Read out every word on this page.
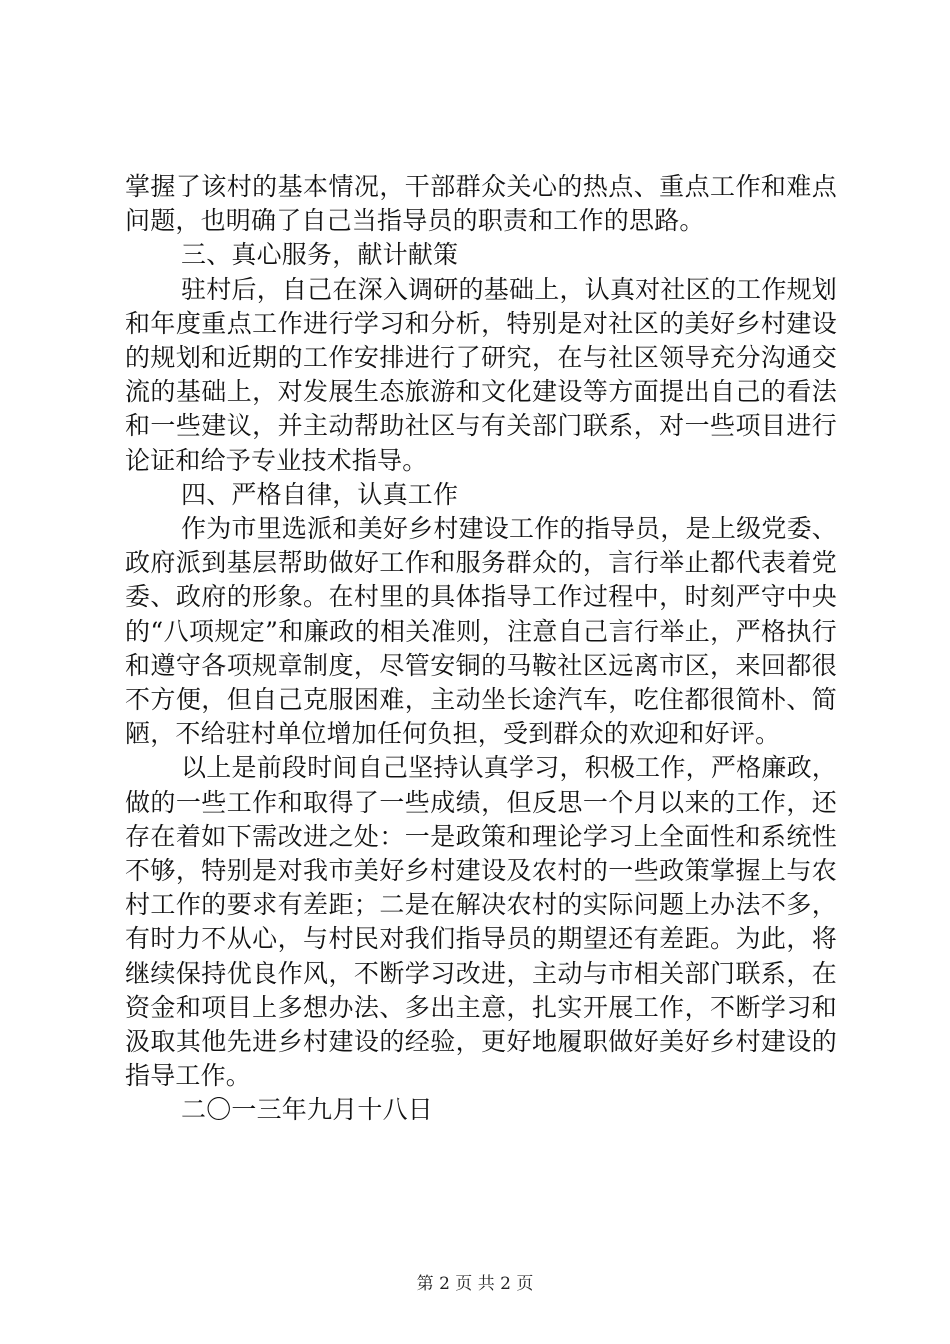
掌握了该村的基本情况，干部群众关心的热点、重点工作和难点问题，也明确了自己当指导员的职责和工作的思路。

三、真心服务，献计献策

驻村后，自己在深入调研的基础上，认真对社区的工作规划和年度重点工作进行学习和分析，特别是对社区的美好乡村建设的规划和近期的工作安排进行了研究，在与社区领导充分沟通交流的基础上，对发展生态旅游和文化建设等方面提出自己的看法和一些建议，并主动帮助社区与有关部门联系，对一些项目进行论证和给予专业技术指导。

四、严格自律，认真工作

作为市里选派和美好乡村建设工作的指导员，是上级党委、政府派到基层帮助做好工作和服务群众的，言行举止都代表着党委、政府的形象。在村里的具体指导工作过程中，时刻严守中央的“八项规定”和廉政的相关准则，注意自己言行举止，严格执行和遵守各项规章制度，尽管安铜的马鞍社区远离市区，来回都很不方便，但自己克服困难，主动坐长途汽车，吃住都很简朴、简陋，不给驻村单位增加任何负担，受到群众的欢迎和好评。

以上是前段时间自己坚持认真学习，积极工作，严格廉政，做的一些工作和取得了一些成绩，但反思一个月以来的工作，还存在着如下需改进之处：一是政策和理论学习上全面性和系统性不够，特别是对我市美好乡村建设及农村的一些政策掌握上与农村工作的要求有差距；二是在解决农村的实际问题上办法不多，有时力不从心，与村民对我们指导员的期望还有差距。为此，将继续保持优良作风，不断学习改进，主动与市相关部门联系，在资金和项目上多想办法、多出主意，扎实开展工作，不断学习和汲取其他先进乡村建设的经验，更好地履职做好美好乡村建设的指导工作。

二〇一三年九月十八日

第 2 页 共 2 页
